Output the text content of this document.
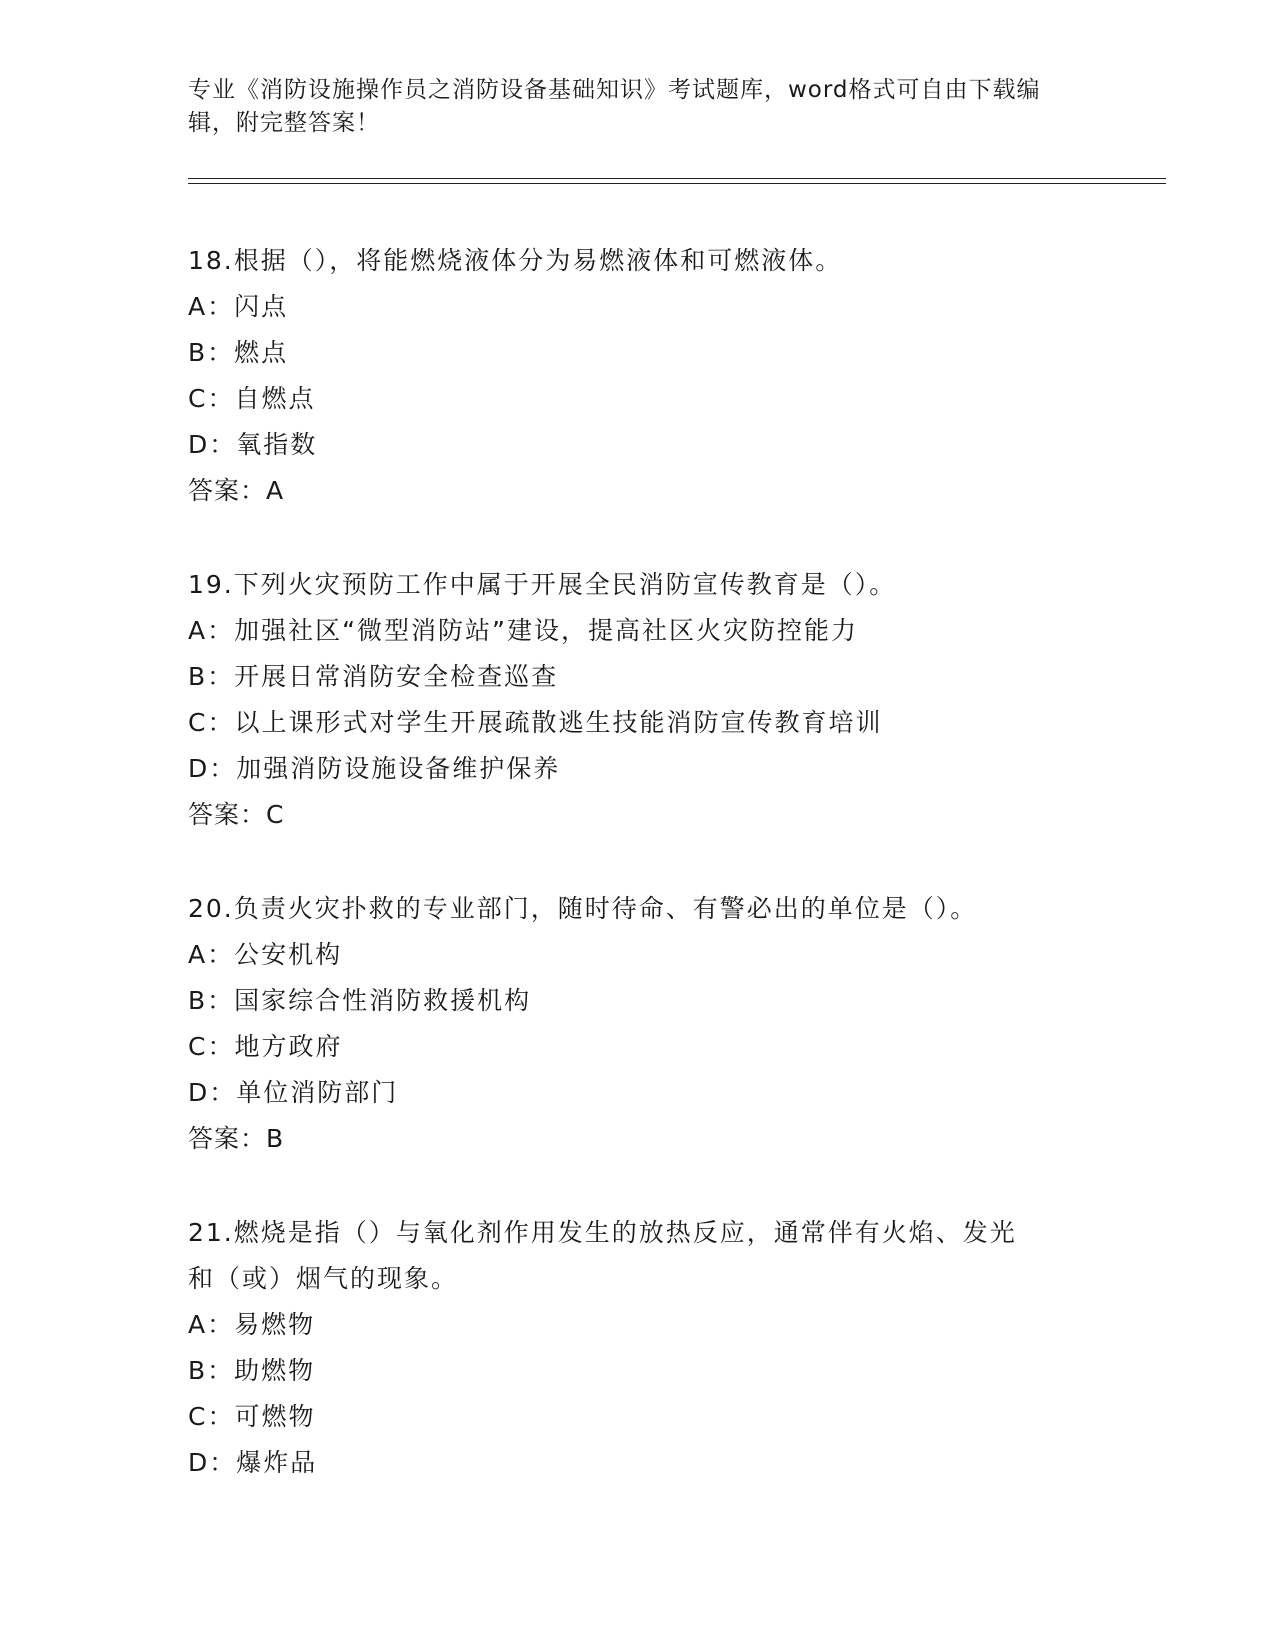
专业《消防设施操作员之消防设备基础知识》考试题库，word格式可自由下载编
辑，附完整答案！
18.根据（），将能燃烧液体分为易燃液体和可燃液体。
A：闪点
B：燃点
C：自燃点
D：氧指数
答案：A
19.下列火灾预防工作中属于开展全民消防宣传教育是（）。
A：加强社区“微型消防站”建设，提高社区火灾防控能力
B：开展日常消防安全检查巡查
C：以上课形式对学生开展疏散逃生技能消防宣传教育培训
D：加强消防设施设备维护保养
答案：C
20.负责火灾扑救的专业部门，随时待命、有警必出的单位是（）。
A：公安机构
B：国家综合性消防救援机构
C：地方政府
D：单位消防部门
答案：B
21.燃烧是指（）与氧化剂作用发生的放热反应，通常伴有火焰、发光
和（或）烟气的现象。
A：易燃物
B：助燃物
C：可燃物
D：爆炸品
